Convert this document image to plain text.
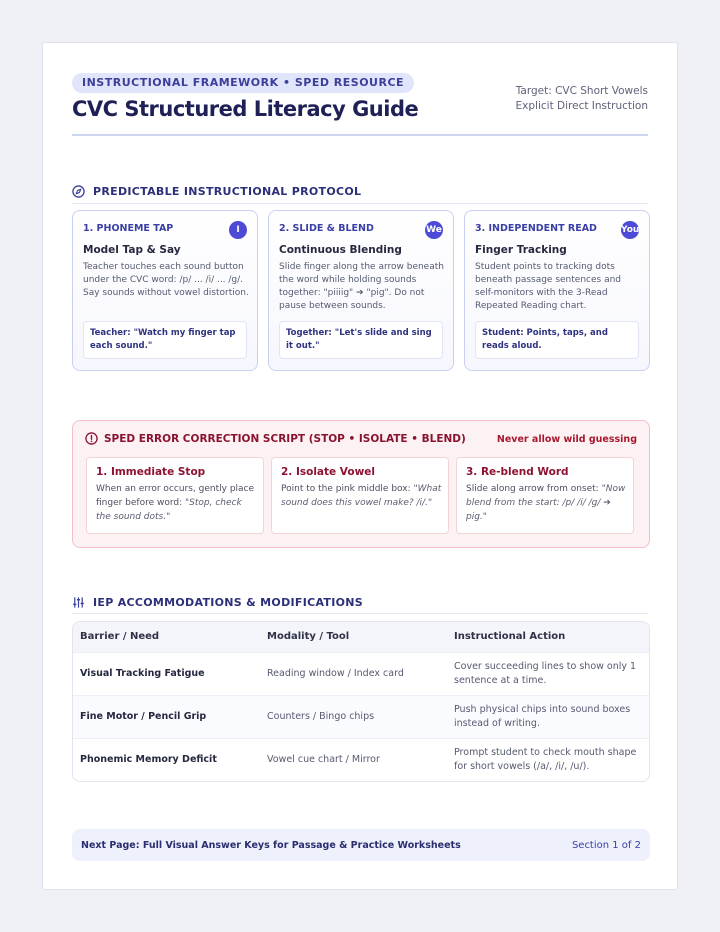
INSTRUCTIONAL FRAMEWORK • SPED RESOURCE
CVC Structured Literacy Guide
Target: CVC Short Vowels
Explicit Direct Instruction
PREDICTABLE INSTRUCTIONAL PROTOCOL
1. PHONEME TAP	I
Model Tap & Say
Teacher touches each sound button under the CVC word: /p/ ... /i/ ... /g/. Say sounds without vowel distortion.
Teacher: "Watch my finger tap each sound."
2. SLIDE & BLEND	We
Continuous Blending
Slide finger along the arrow beneath the word while holding sounds together: "piiiig" ➔ "pig". Do not pause between sounds.
Together: "Let's slide and sing it out."
3. INDEPENDENT READ	You
Finger Tracking
Student points to tracking dots beneath passage sentences and self-monitors with the 3-Read Repeated Reading chart.
Student: Points, taps, and reads aloud.
SPED ERROR CORRECTION SCRIPT (STOP • ISOLATE • BLEND)	Never allow wild guessing
1. Immediate Stop
When an error occurs, gently place finger before word: "Stop, check the sound dots."
2. Isolate Vowel
Point to the pink middle box: "What sound does this vowel make? /i/."
3. Re-blend Word
Slide along arrow from onset: "Now blend from the start: /p/ /i/ /g/ ➔ pig."
IEP ACCOMMODATIONS & MODIFICATIONS
Barrier / Need	Modality / Tool	Instructional Action
Visual Tracking Fatigue	Reading window / Index card	Cover succeeding lines to show only 1 sentence at a time.
Fine Motor / Pencil Grip	Counters / Bingo chips	Push physical chips into sound boxes instead of writing.
Phonemic Memory Deficit	Vowel cue chart / Mirror	Prompt student to check mouth shape for short vowels (/a/, /i/, /u/).
Next Page: Full Visual Answer Keys for Passage & Practice Worksheets	Section 1 of 2
